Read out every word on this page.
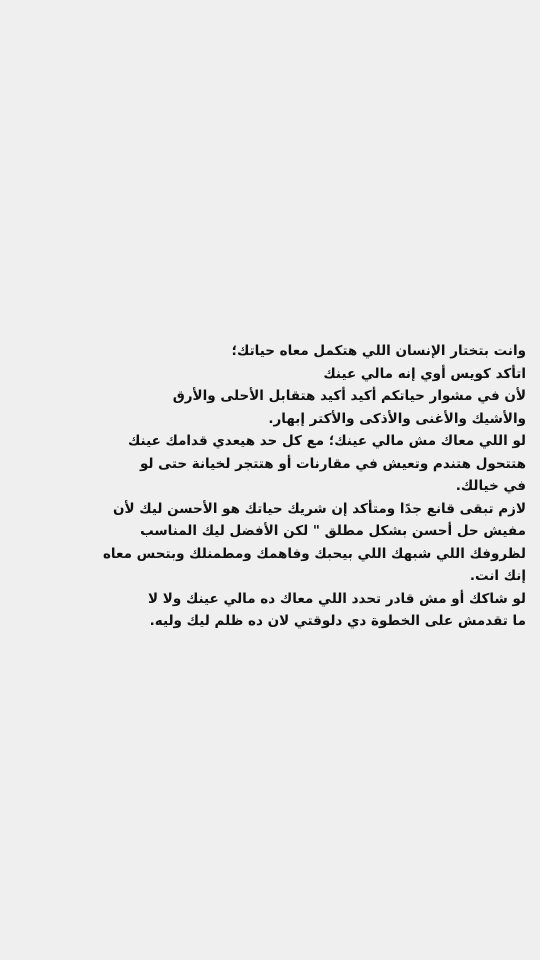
وانت بتختار الإنسان اللي هتكمل معاه حياتك؛
اتأكد كويس أوي إنه مالي عينك
لأن في مشوار حياتكم أكيد أكيد هتقابل الأحلى والأرق
والأشيك والأغنى والأذكى والأكتر إبهار.
لو اللي معاك مش مالي عينك؛ مع كل حد هيعدي قدامك عينك
هتتحول هتندم وتعيش في مقارنات أو هتتجر لخيانة حتى لو
في خيالك.
لازم تبقى قانع جدًا ومتأكد إن شريك حياتك هو الأحسن ليك لأن
مفيش حل أحسن بشكل مطلق " لكن الأفضل ليك المناسب
لظروفك اللي شبهك اللي بيحبك وفاهمك ومطمنلك وبتحس معاه
إنك انت.
لو شاكك أو مش قادر تحدد اللي معاك ده مالي عينك ولا لا
ما تقدمش على الخطوة دي دلوقتي لان ده ظلم ليك وليه.
